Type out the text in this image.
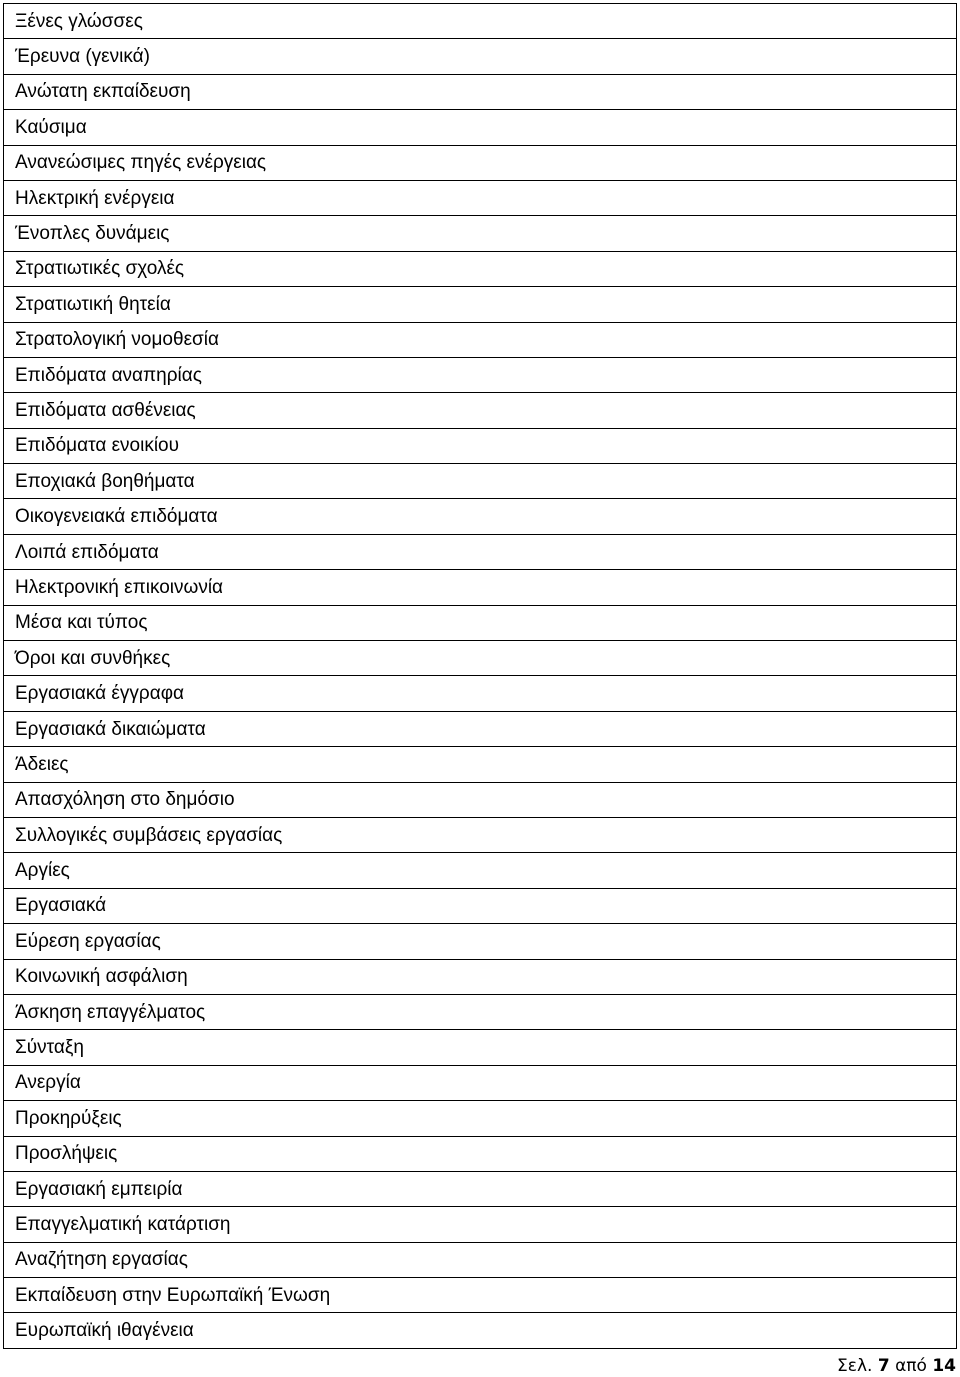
Ξένες γλώσσες
Έρευνα (γενικά)
Ανώτατη εκπαίδευση
Καύσιμα
Ανανεώσιμες πηγές ενέργειας
Ηλεκτρική ενέργεια
Ένοπλες δυνάμεις
Στρατιωτικές σχολές
Στρατιωτική θητεία
Στρατολογική νομοθεσία
Επιδόματα αναπηρίας
Επιδόματα ασθένειας
Επιδόματα ενοικίου
Εποχιακά βοηθήματα
Οικογενειακά επιδόματα
Λοιπά επιδόματα
Ηλεκτρονική επικοινωνία
Μέσα και τύπος
Όροι και συνθήκες
Εργασιακά έγγραφα
Εργασιακά δικαιώματα
Άδειες
Απασχόληση στο δημόσιο
Συλλογικές συμβάσεις εργασίας
Αργίες
Εργασιακά
Εύρεση εργασίας
Κοινωνική ασφάλιση
Άσκηση επαγγέλματος
Σύνταξη
Ανεργία
Προκηρύξεις
Προσλήψεις
Εργασιακή εμπειρία
Επαγγελματική κατάρτιση
Αναζήτηση εργασίας
Εκπαίδευση στην Ευρωπαϊκή Ένωση
Ευρωπαϊκή ιθαγένεια
Σελ. 7 από 14
